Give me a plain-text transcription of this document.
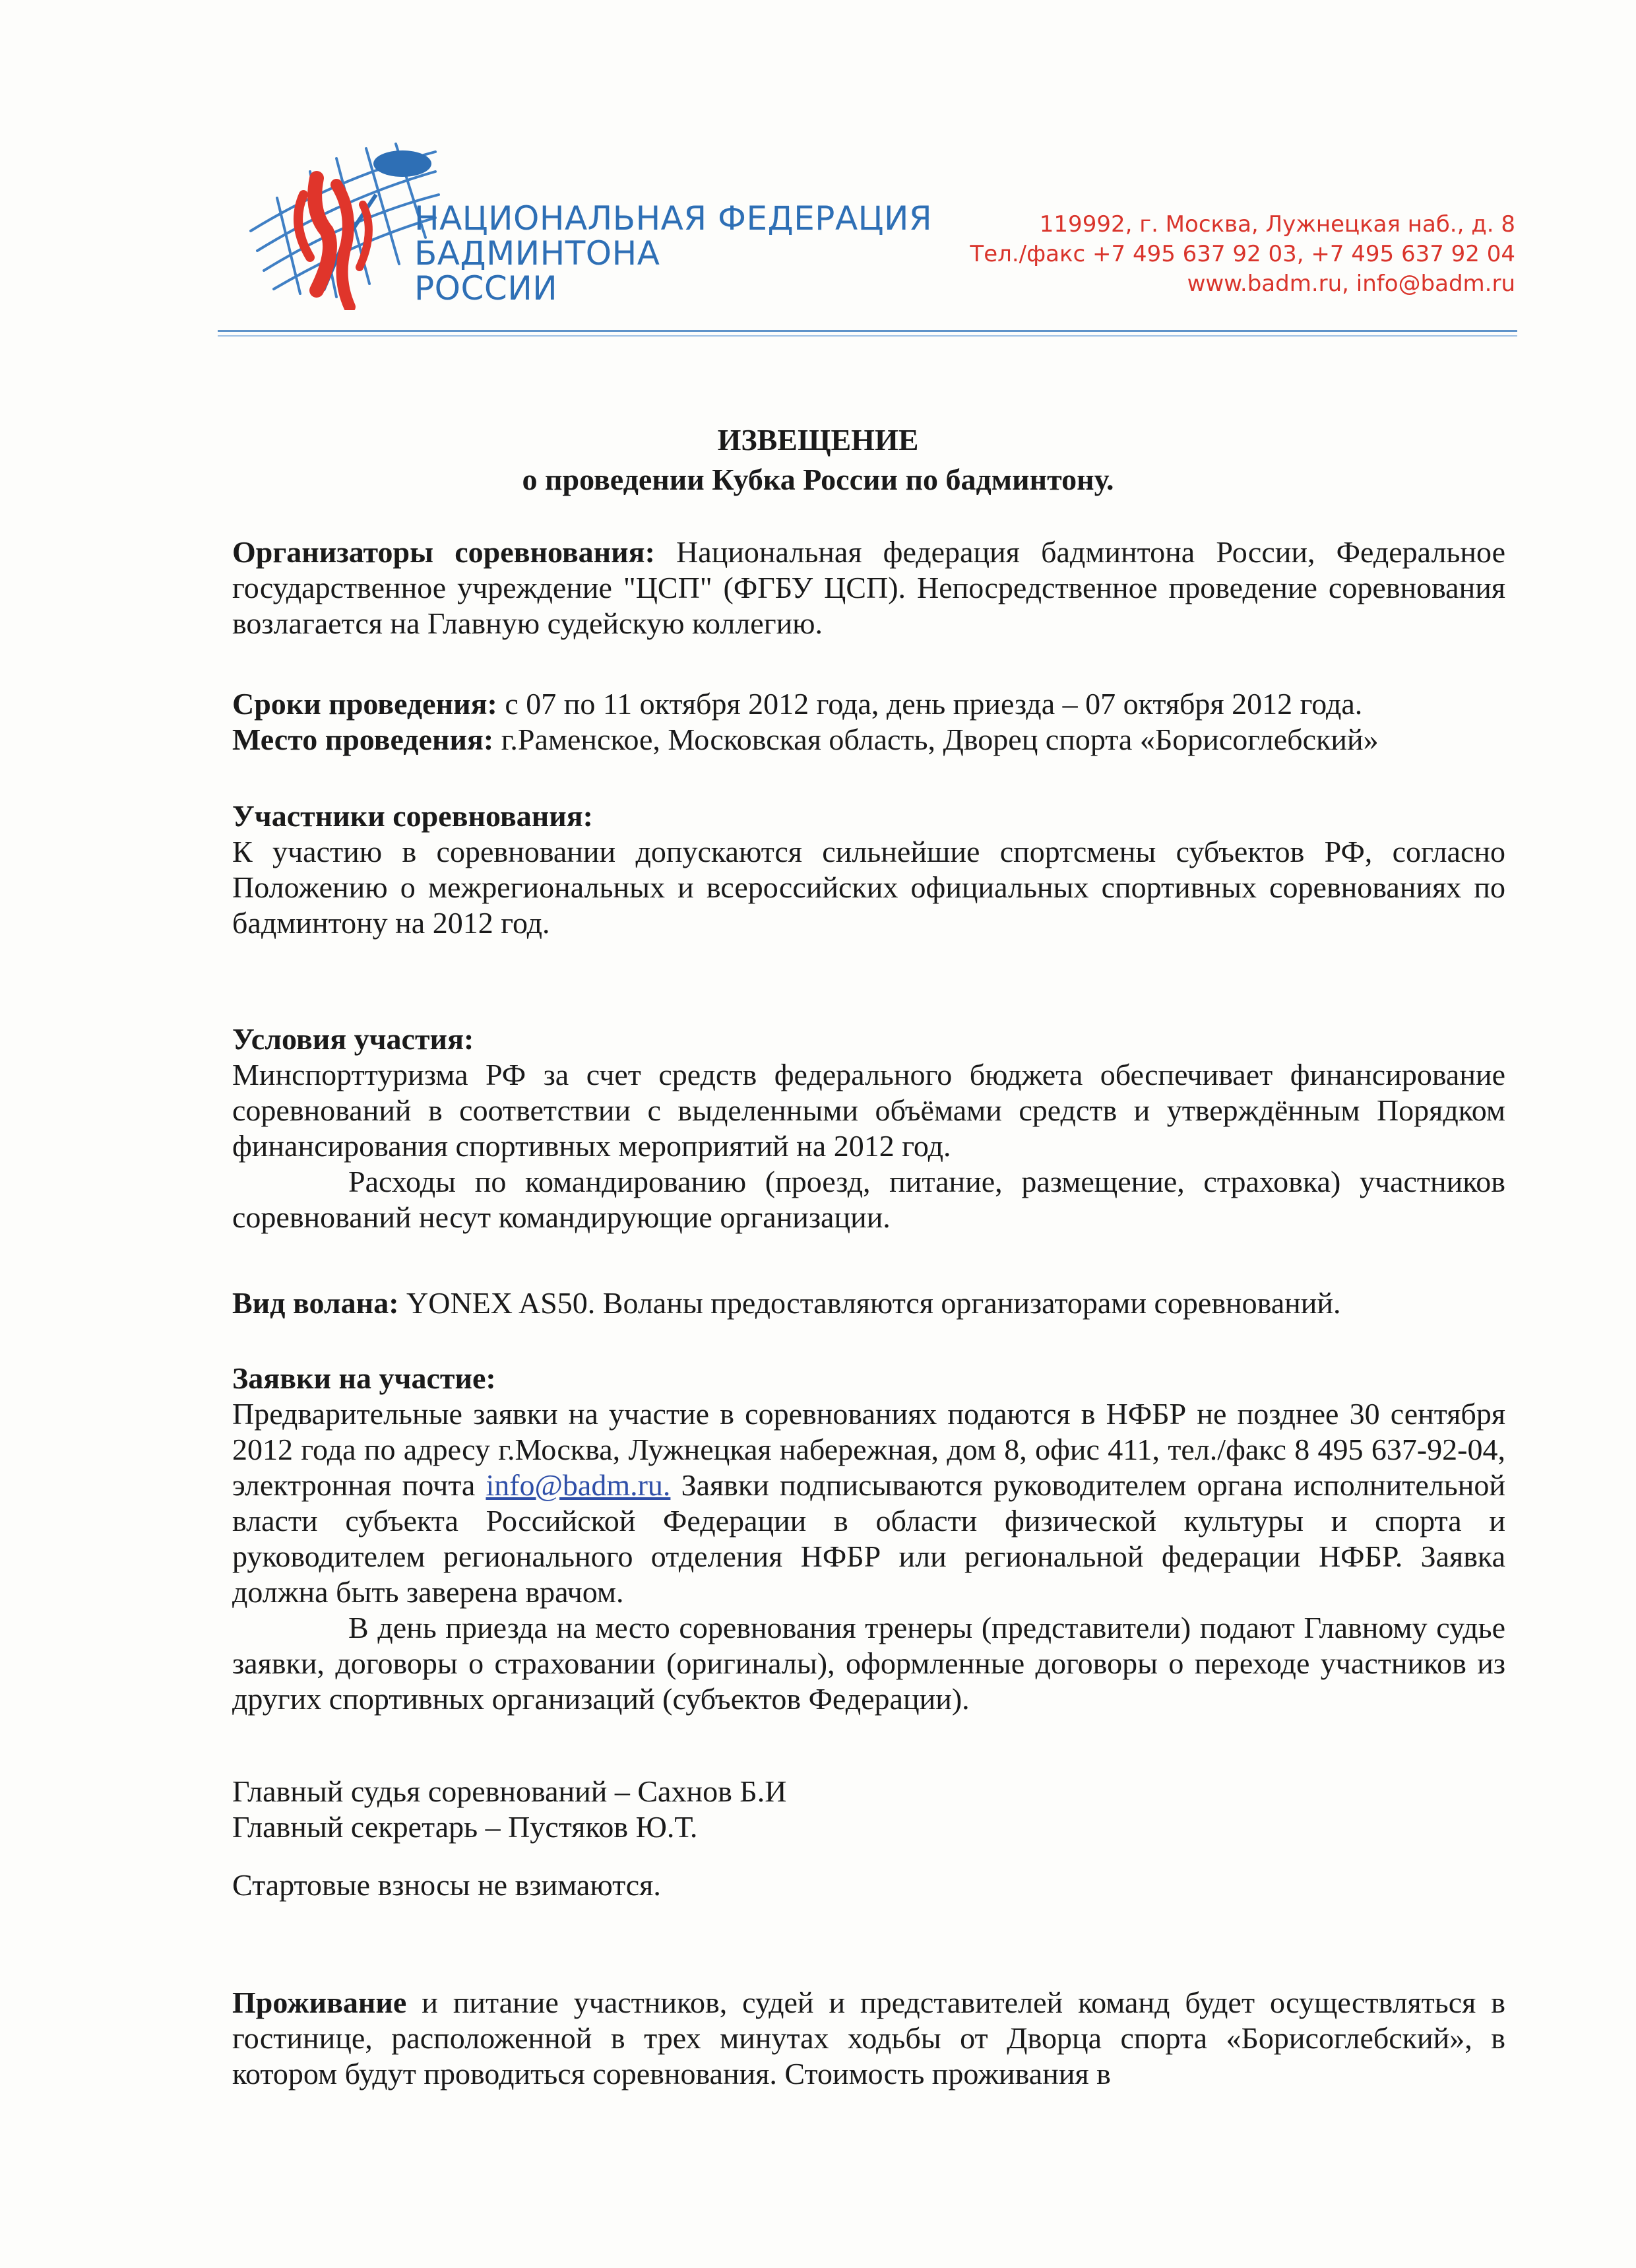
НАЦИОНАЛЬНАЯ ФЕДЕРАЦИЯ
БАДМИНТОНА
РОССИИ
119992, г. Москва, Лужнецкая наб., д. 8
Тел./факс +7 495 637 92 03, +7 495 637 92 04
www.badm.ru, info@badm.ru
ИЗВЕЩЕНИЕ
о проведении Кубка России по бадминтону.
Организаторы соревнования: Национальная федерация бадминтона России, Федеральное государственное учреждение "ЦСП" (ФГБУ ЦСП). Непосредственное проведение соревнования возлагается на Главную судейскую коллегию.
Сроки проведения: с 07 по 11 октября 2012 года, день приезда – 07 октября 2012 года.
Место проведения: г.Раменское, Московская область, Дворец спорта «Борисоглебский»
Участники соревнования:
К участию в соревновании допускаются сильнейшие спортсмены субъектов РФ, согласно Положению о межрегиональных и всероссийских официальных спортивных соревнованиях по бадминтону на 2012 год.
Условия участия:
Минспорттуризма РФ за счет средств федерального бюджета обеспечивает финансирование соревнований в соответствии с выделенными объёмами средств и утверждённым Порядком финансирования спортивных мероприятий на 2012 год.
Расходы по командированию (проезд, питание, размещение, страховка) участников соревнований несут командирующие организации.
Вид волана: YONEX AS50. Воланы предоставляются организаторами соревнований.
Заявки на участие:
Предварительные заявки на участие в соревнованиях подаются в НФБР не позднее 30 сентября 2012 года по адресу г.Москва, Лужнецкая набережная, дом 8, офис 411, тел./факс 8 495 637-92-04, электронная почта info@badm.ru. Заявки подписываются руководителем органа исполнительной власти субъекта Российской Федерации в области физической культуры и спорта и руководителем регионального отделения НФБР или региональной федерации НФБР. Заявка должна быть заверена врачом.
В день приезда на место соревнования тренеры (представители) подают Главному судье заявки, договоры о страховании (оригиналы), оформленные договоры о переходе участников из других спортивных организаций (субъектов Федерации).
Главный судья соревнований – Сахнов Б.И
Главный секретарь – Пустяков Ю.Т.
Стартовые взносы не взимаются.
Проживание и питание участников, судей и представителей команд будет осуществляться в гостинице, расположенной в трех минутах ходьбы от Дворца спорта «Борисоглебский», в котором будут проводиться соревнования. Стоимость проживания в
